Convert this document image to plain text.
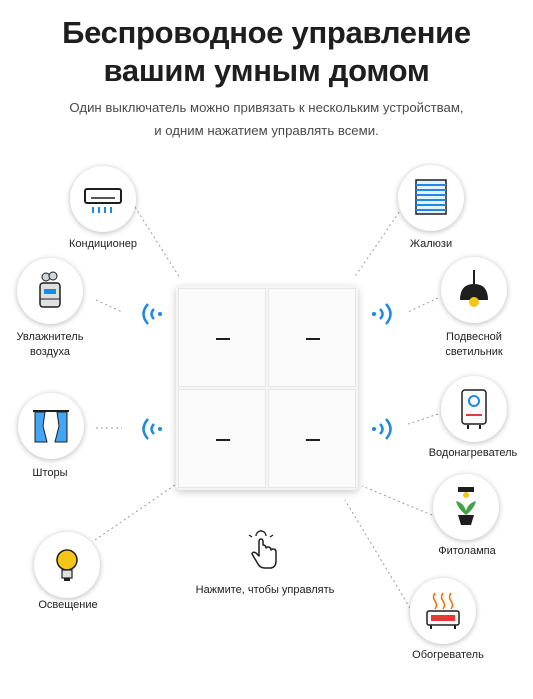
Беспроводное управление
вашим умным домом
Один выключатель можно привязать к нескольким устройствам,
и одним нажатием управлять всеми.
Кондиционер
Увлажнитель
воздуха
Шторы
Освещение
Жалюзи
Подвесной
светильник
Водонагреватель
Фитолампа
Обогреватель
Нажмите, чтобы управлять
